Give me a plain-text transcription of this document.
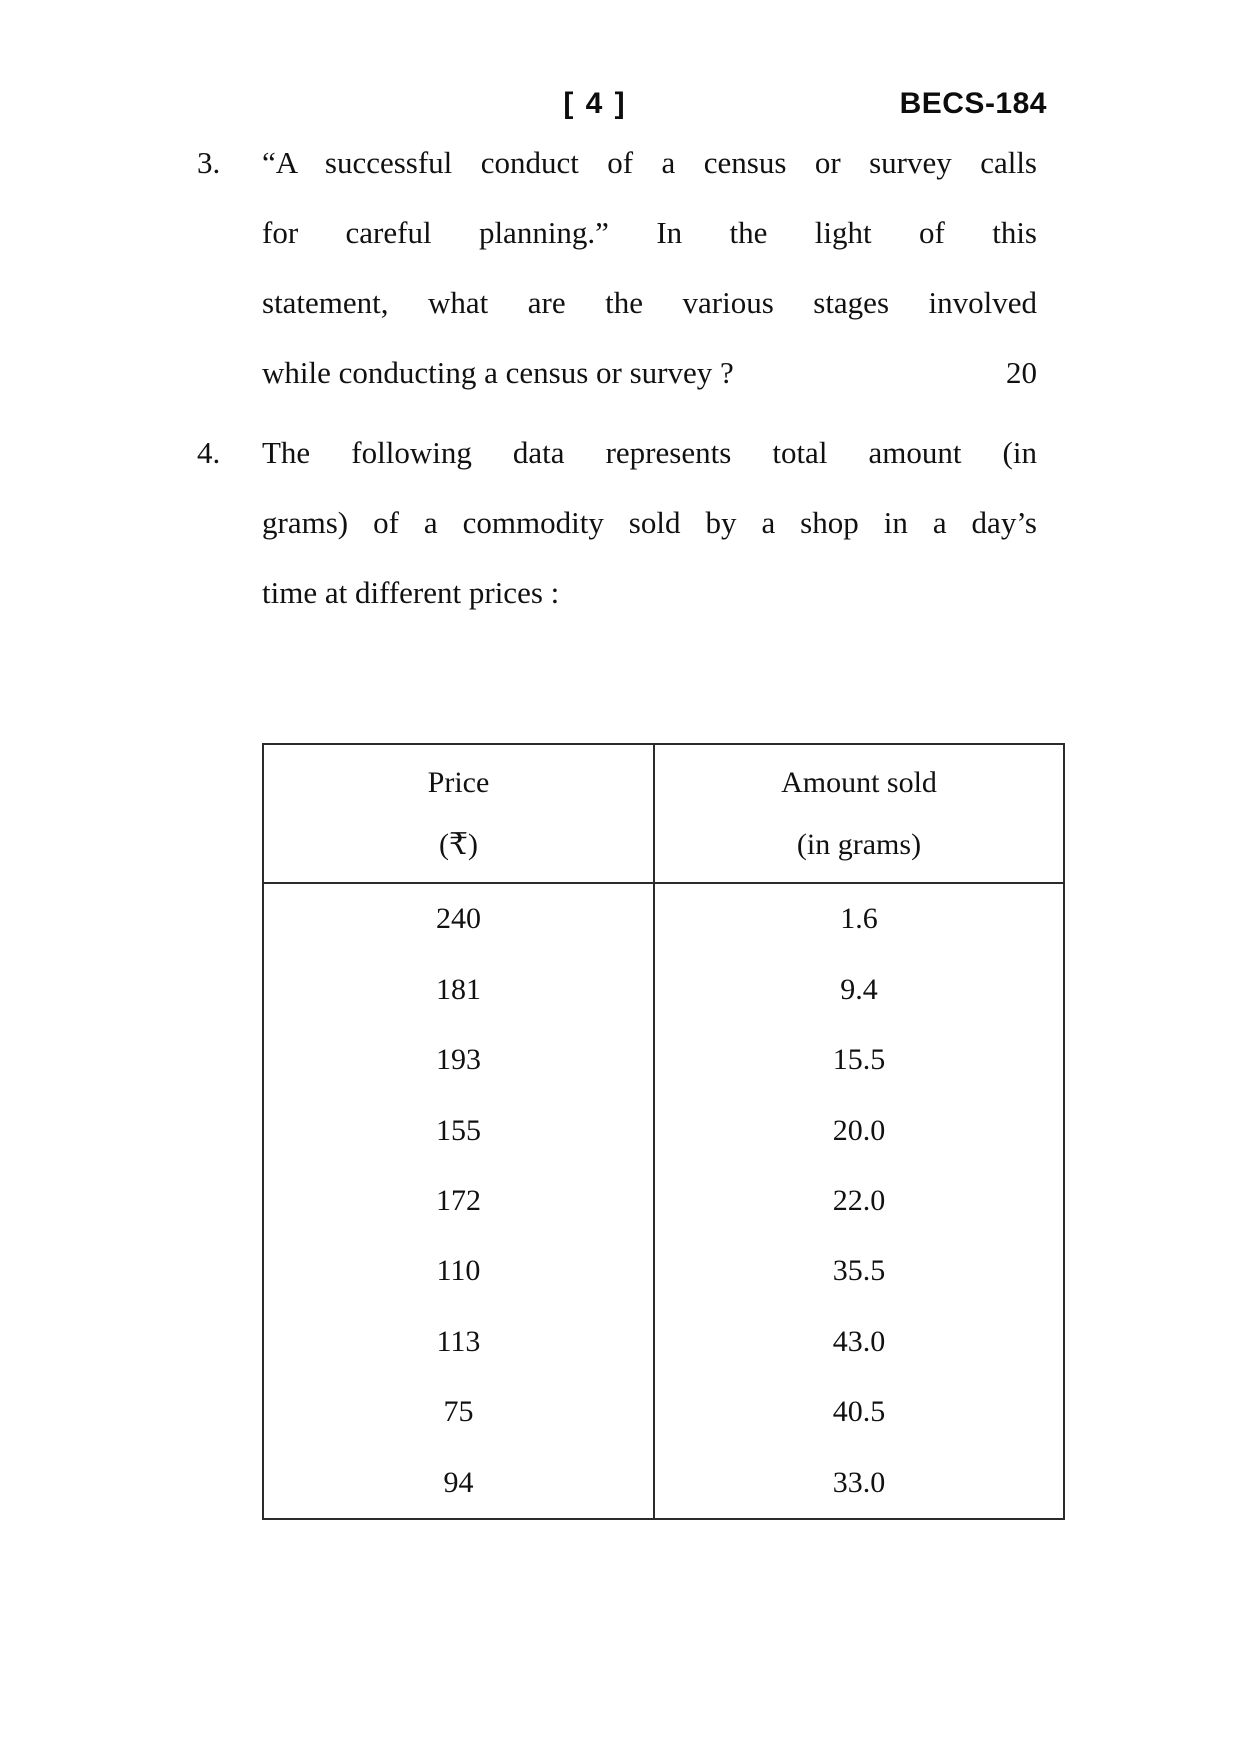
[ 4 ]	BECS-184
3. “A successful conduct of a census or survey calls
for careful planning.” In the light of this
statement, what are the various stages involved
while conducting a census or survey ?	20
4. The following data represents total amount (in
grams) of a commodity sold by a shop in a day’s
time at different prices :
Price
(₹)
Amount sold
(in grams)
240
181
193
155
172
110
113
75
94
1.6
9.4
15.5
20.0
22.0
35.5
43.0
40.5
33.0
